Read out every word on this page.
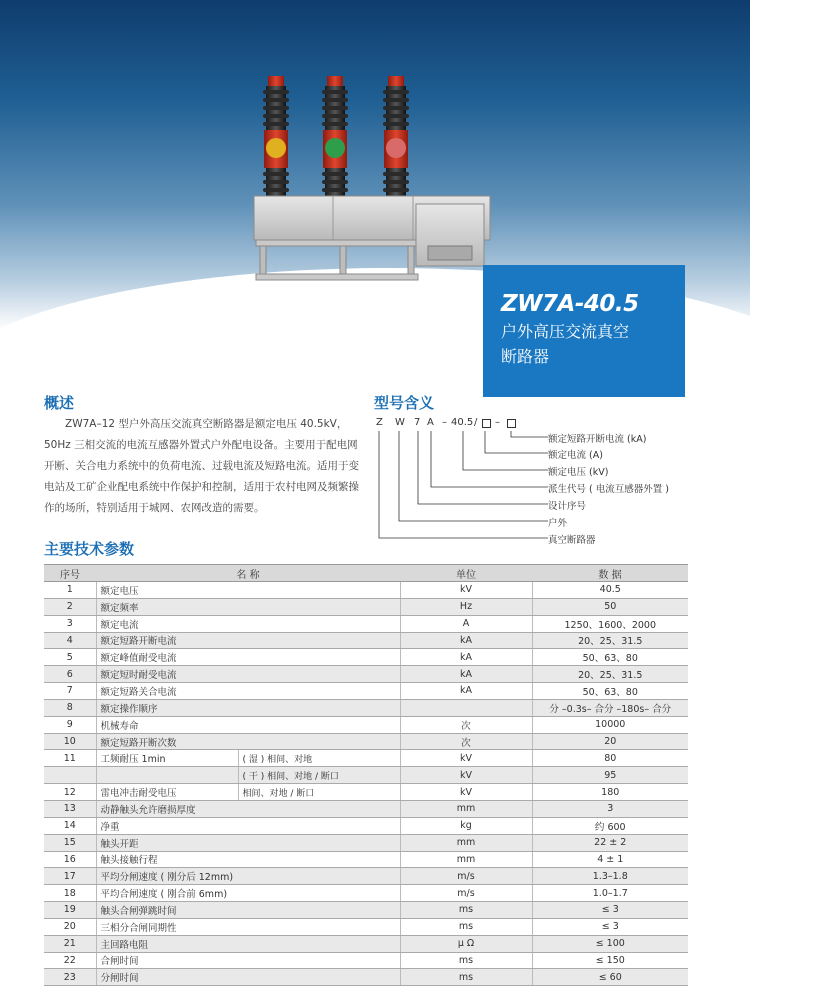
ZW7A-40.5
户外高压交流真空
断路器
概述
ZW7A–12 型户外高压交流真空断路器是额定电压 40.5kV，50Hz 三相交流的电流互感器外置式户外配电设备。主要用于配电网开断、关合电力系统中的负荷电流、过载电流及短路电流。适用于变电站及工矿企业配电系统中作保护和控制，适用于农村电网及频繁操作的场所，特别适用于城网、农网改造的需要。
型号含义
Z W 7 A – 40.5 / –
额定短路开断电流 (kA)
额定电流 (A)
额定电压 (kV)
派生代号 ( 电流互感器外置 )
设计序号
户外
真空断路器
主要技术参数
序号	名 称		单位	数 据
1	额定电压		kV	40.5
2	额定频率		Hz	50
3	额定电流		A	1250、1600、2000
4	额定短路开断电流		kA	20、25、31.5
5	额定峰值耐受电流		kA	50、63、80
6	额定短时耐受电流		kA	20、25、31.5
7	额定短路关合电流		kA	50、63、80
8	额定操作顺序			分 –0.3s– 合分 –180s– 合分
9	机械寿命		次	10000
10	额定短路开断次数		次	20
11	工频耐压 1min	( 湿 ) 相间、对地	kV	80
		( 干 ) 相间、对地 / 断口	kV	95
12	雷电冲击耐受电压	相间、对地 / 断口	kV	180
13	动静触头允许磨损厚度		mm	3
14	净重		kg	约 600
15	触头开距		mm	22 ± 2
16	触头接触行程		mm	4 ± 1
17	平均分闸速度 ( 刚分后 12mm)		m/s	1.3–1.8
18	平均合闸速度 ( 刚合前 6mm)		m/s	1.0–1.7
19	触头合闸弹跳时间		ms	≤ 3
20	三相分合闸同期性		ms	≤ 3
21	主回路电阻		μ Ω	≤ 100
22	合闸时间		ms	≤ 150
23	分闸时间		ms	≤ 60
